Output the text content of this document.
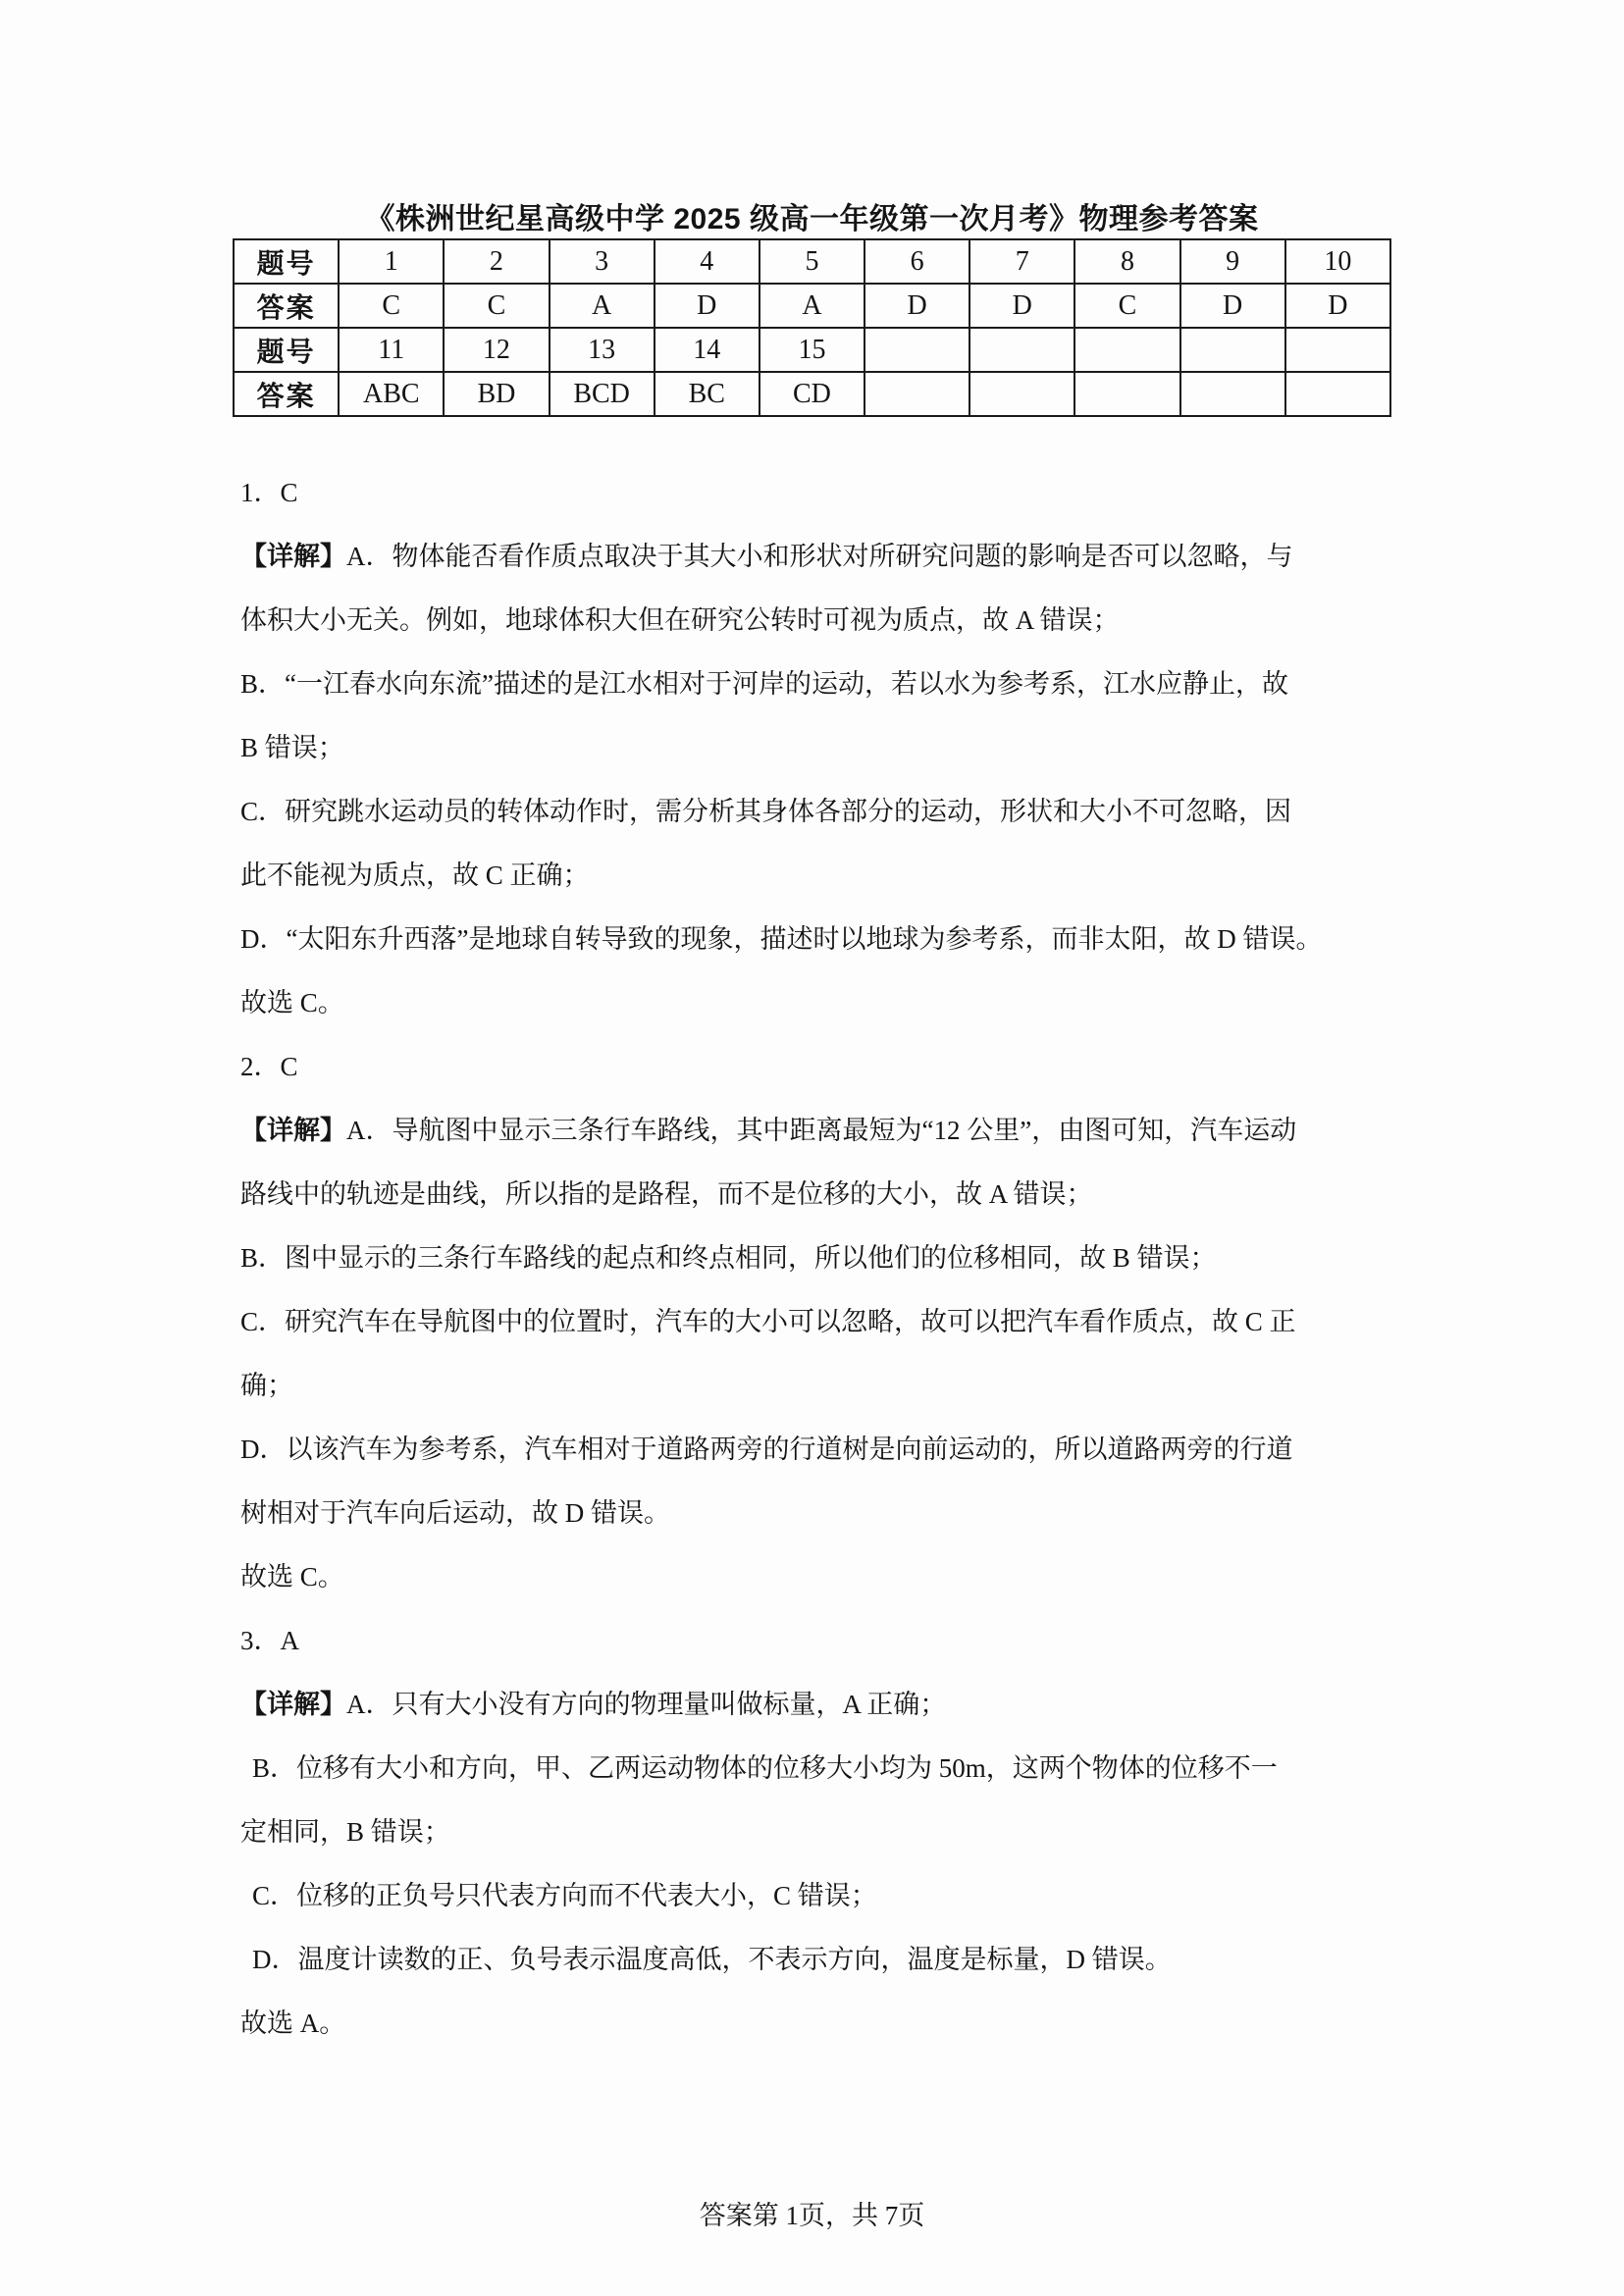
《株洲世纪星高级中学 2025 级高一年级第一次月考》物理参考答案
题号	1	2	3	4	5	6	7	8	9	10
答案	C	C	A	D	A	D	D	C	D	D
题号	11	12	13	14	15					
答案	ABC	BD	BCD	BC	CD					
1．C
【详解】A．物体能否看作质点取决于其大小和形状对所研究问题的影响是否可以忽略，与
体积大小无关。例如，地球体积大但在研究公转时可视为质点，故 A 错误；
B．“一江春水向东流”描述的是江水相对于河岸的运动，若以水为参考系，江水应静止，故
B 错误；
C．研究跳水运动员的转体动作时，需分析其身体各部分的运动，形状和大小不可忽略，因
此不能视为质点，故 C 正确；
D．“太阳东升西落”是地球自转导致的现象，描述时以地球为参考系，而非太阳，故 D 错误。
故选 C。
2．C
【详解】A．导航图中显示三条行车路线，其中距离最短为“12 公里”，由图可知，汽车运动
路线中的轨迹是曲线，所以指的是路程，而不是位移的大小，故 A 错误；
B．图中显示的三条行车路线的起点和终点相同，所以他们的位移相同，故 B 错误；
C．研究汽车在导航图中的位置时，汽车的大小可以忽略，故可以把汽车看作质点，故 C 正
确；
D．以该汽车为参考系，汽车相对于道路两旁的行道树是向前运动的，所以道路两旁的行道
树相对于汽车向后运动，故 D 错误。
故选 C。
3．A
【详解】A．只有大小没有方向的物理量叫做标量，A 正确；
B．位移有大小和方向，甲、乙两运动物体的位移大小均为 50m，这两个物体的位移不一
定相同，B 错误；
C．位移的正负号只代表方向而不代表大小，C 错误；
D．温度计读数的正、负号表示温度高低，不表示方向，温度是标量，D 错误。
故选 A。
答案第 1页，共 7页
